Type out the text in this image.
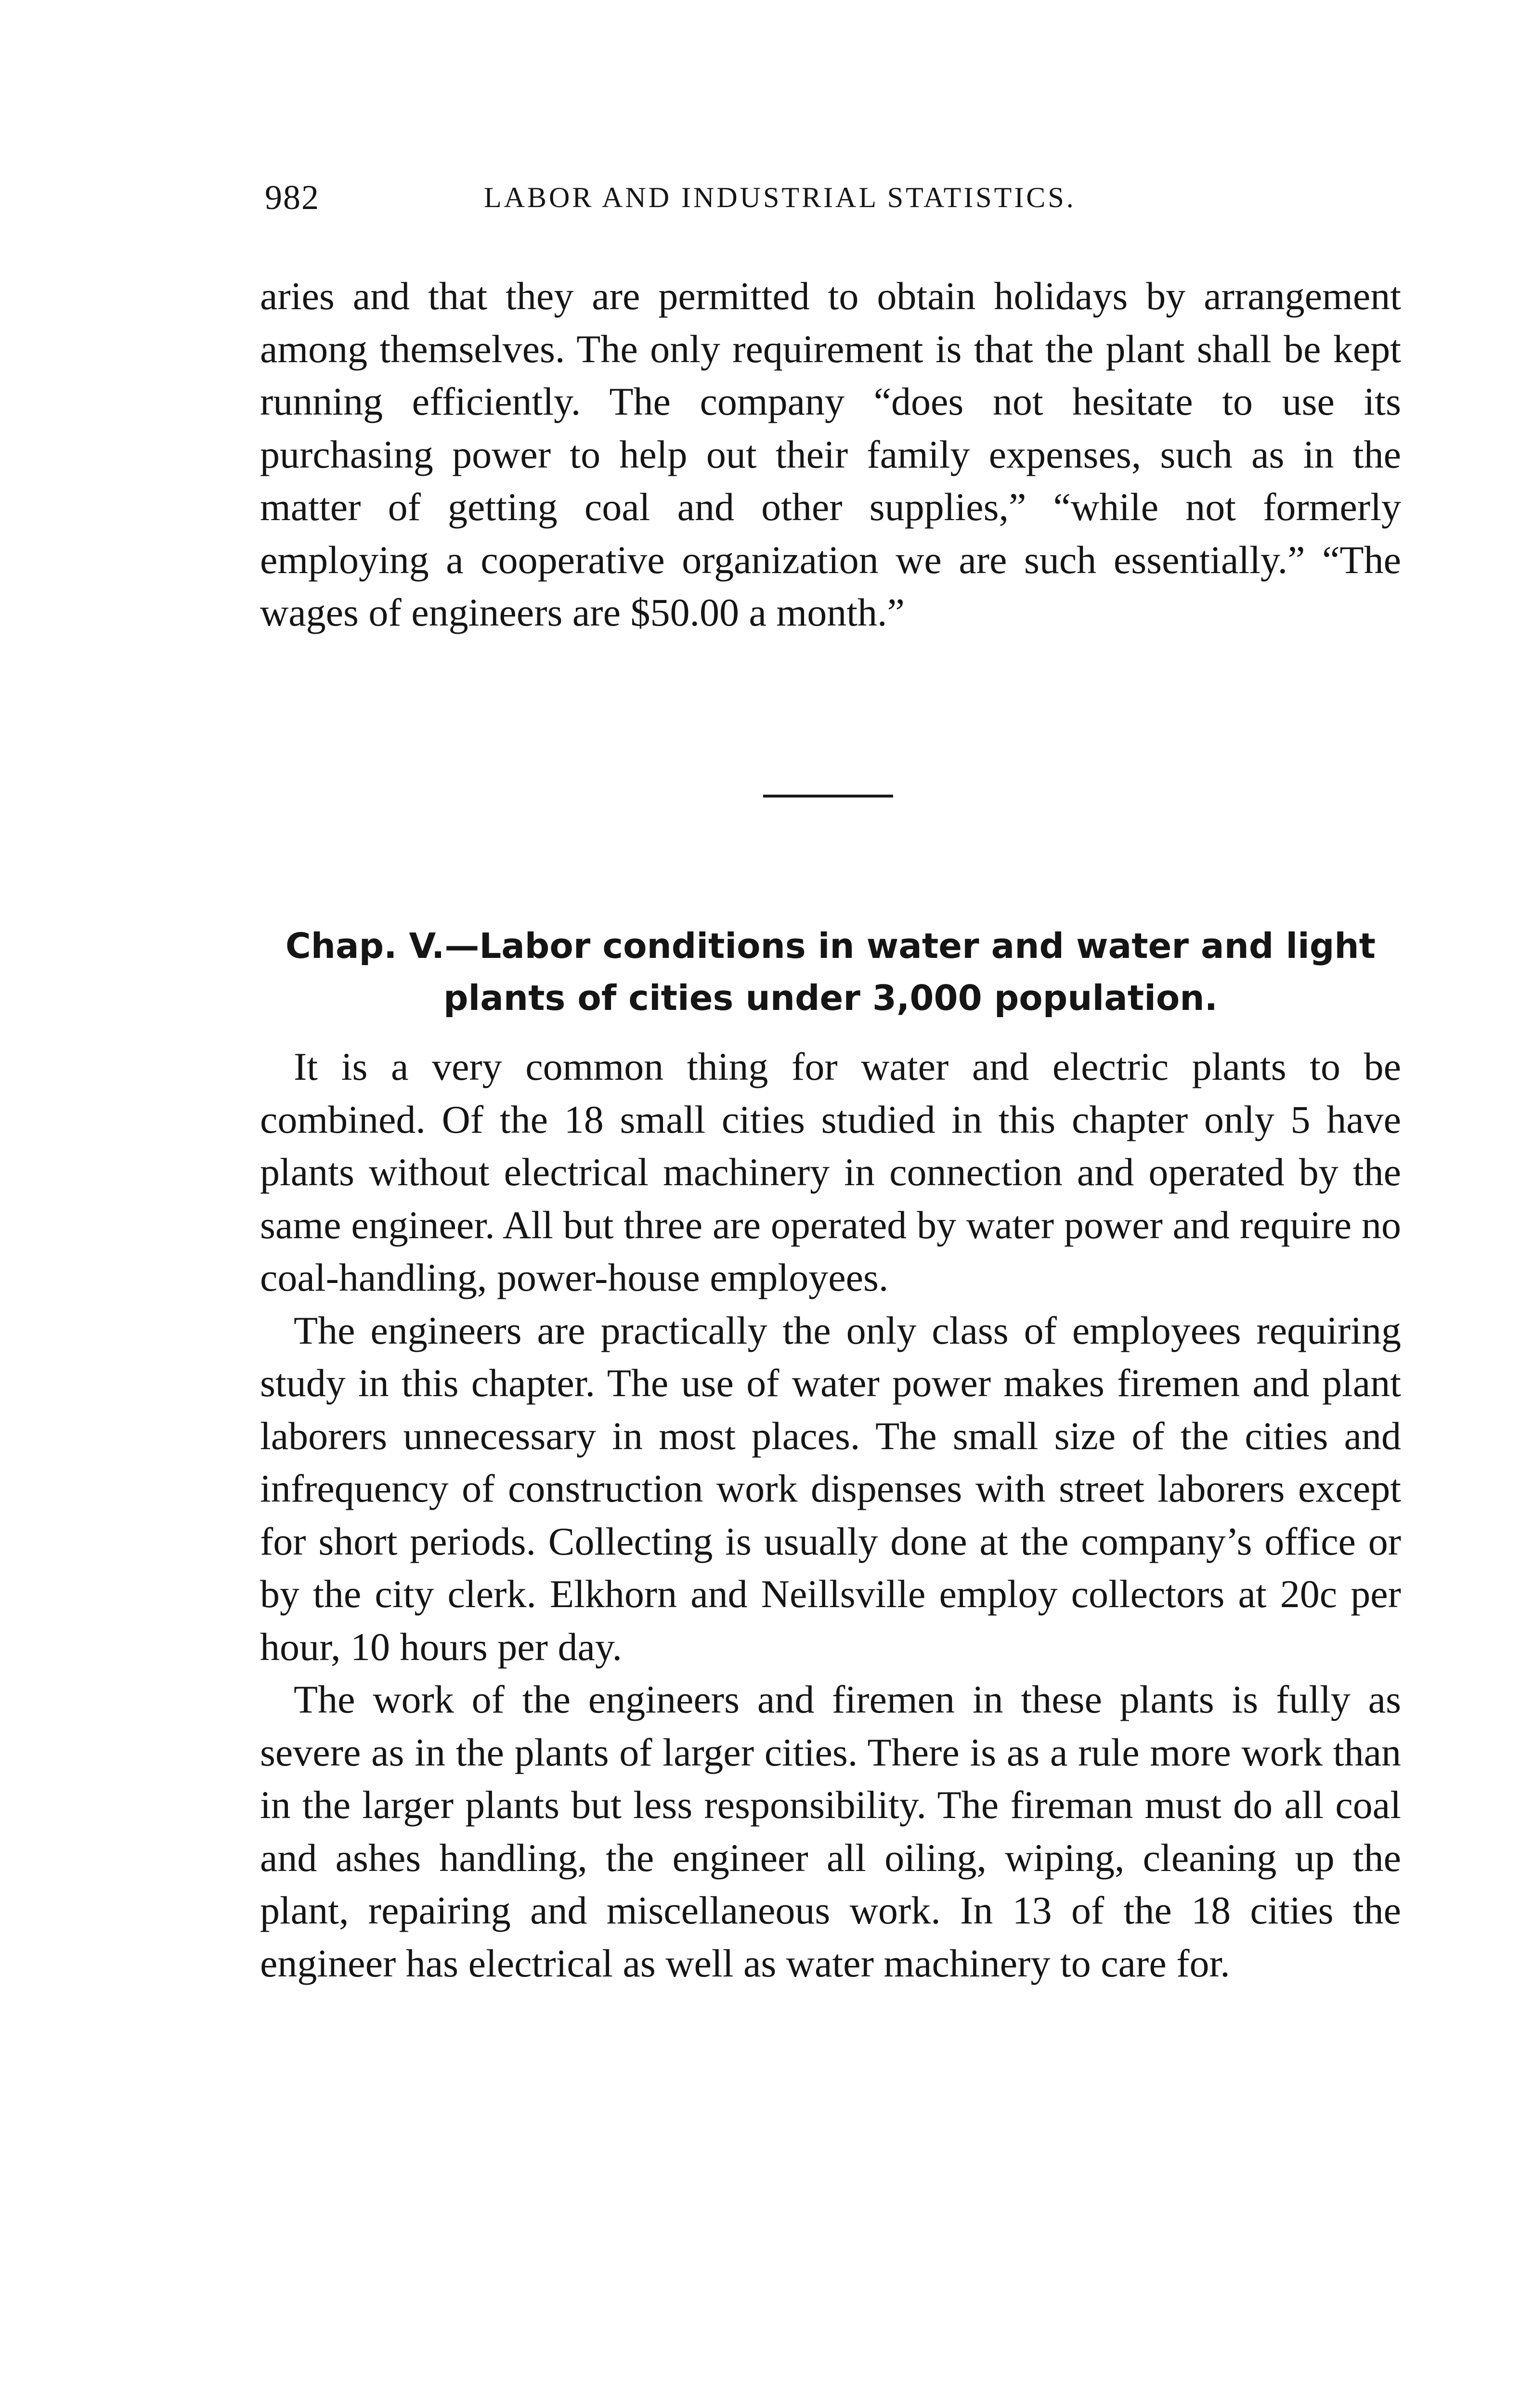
982	LABOR AND INDUSTRIAL STATISTICS.

aries and that they are permitted to obtain holidays by arrangement among themselves. The only requirement is that the plant shall be kept running efficiently. The company “does not hesitate to use its purchasing power to help out their family expenses, such as in the matter of getting coal and other supplies,” “while not formerly employing a cooperative organization we are such essentially.” “The wages of engineers are $50.00 a month.”

Chap. V.—Labor conditions in water and water and light
plants of cities under 3,000 population.

It is a very common thing for water and electric plants to be combined. Of the 18 small cities studied in this chapter only 5 have plants without electrical machinery in connection and operated by the same engineer. All but three are operated by water power and require no coal-handling, power-house employees.

The engineers are practically the only class of employees requiring study in this chapter. The use of water power makes firemen and plant laborers unnecessary in most places. The small size of the cities and infrequency of construction work dispenses with street laborers except for short periods. Collecting is usually done at the company’s office or by the city clerk. Elkhorn and Neillsville employ collectors at 20c per hour, 10 hours per day.

The work of the engineers and firemen in these plants is fully as severe as in the plants of larger cities. There is as a rule more work than in the larger plants but less responsibility. The fireman must do all coal and ashes handling, the engineer all oiling, wiping, cleaning up the plant, repairing and miscellaneous work. In 13 of the 18 cities the engineer has electrical as well as water machinery to care for.
